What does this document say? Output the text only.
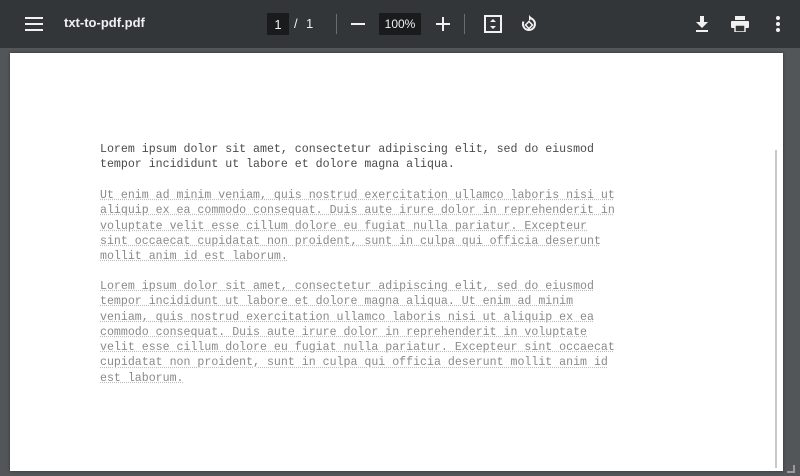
txt-to-pdf.pdf
1	/ 1
100%
Lorem ipsum dolor sit amet, consectetur adipiscing elit, sed do eiusmod
tempor incididunt ut labore et dolore magna aliqua.
Ut enim ad minim veniam, quis nostrud exercitation ullamco laboris nisi ut
aliquip ex ea commodo consequat. Duis aute irure dolor in reprehenderit in
voluptate velit esse cillum dolore eu fugiat nulla pariatur. Excepteur
sint occaecat cupidatat non proident, sunt in culpa qui officia deserunt
mollit anim id est laborum.
Lorem ipsum dolor sit amet, consectetur adipiscing elit, sed do eiusmod
tempor incididunt ut labore et dolore magna aliqua. Ut enim ad minim
veniam, quis nostrud exercitation ullamco laboris nisi ut aliquip ex ea
commodo consequat. Duis aute irure dolor in reprehenderit in voluptate
velit esse cillum dolore eu fugiat nulla pariatur. Excepteur sint occaecat
cupidatat non proident, sunt in culpa qui officia deserunt mollit anim id
est laborum.
